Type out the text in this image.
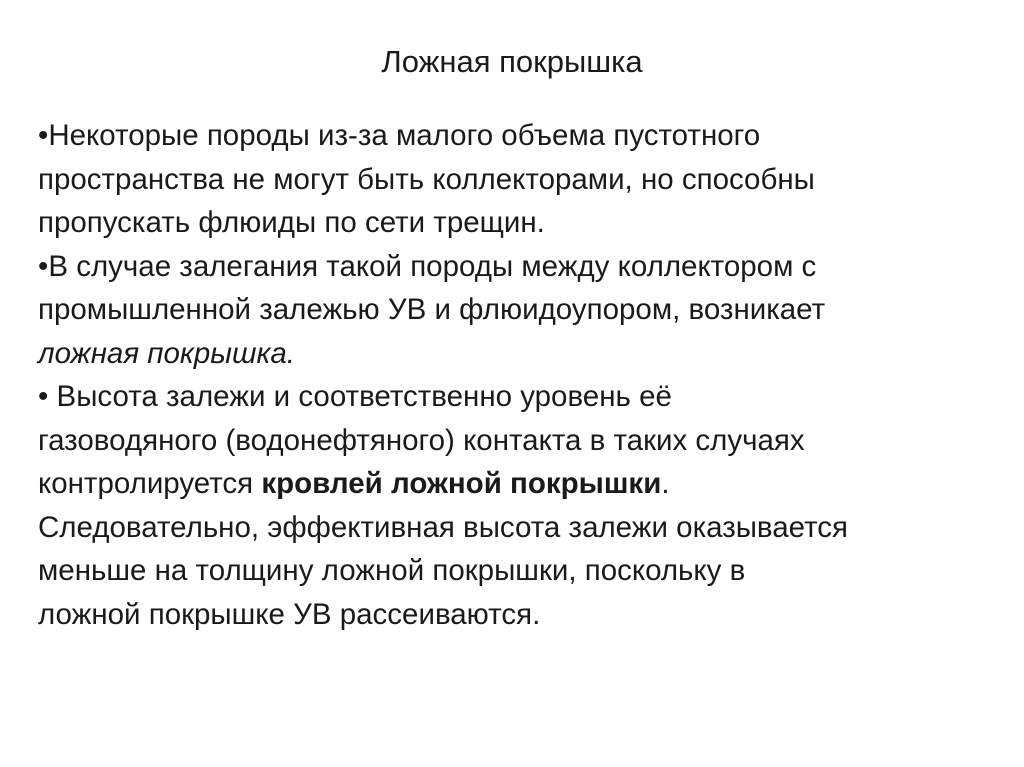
Ложная покрышка
•Некоторые породы из-за малого объема пустотного
пространства не могут быть коллекторами, но способны
пропускать флюиды по сети трещин.
•В случае залегания такой породы между коллектором с
промышленной залежью УВ и флюидоупором, возникает
ложная покрышка.
• Высота залежи и соответственно уровень её
газоводяного (водонефтяного) контакта в таких случаях
контролируется кровлей ложной покрышки.
Следовательно, эффективная высота залежи оказывается
меньше на толщину ложной покрышки, поскольку в
ложной покрышке УВ рассеиваются.
